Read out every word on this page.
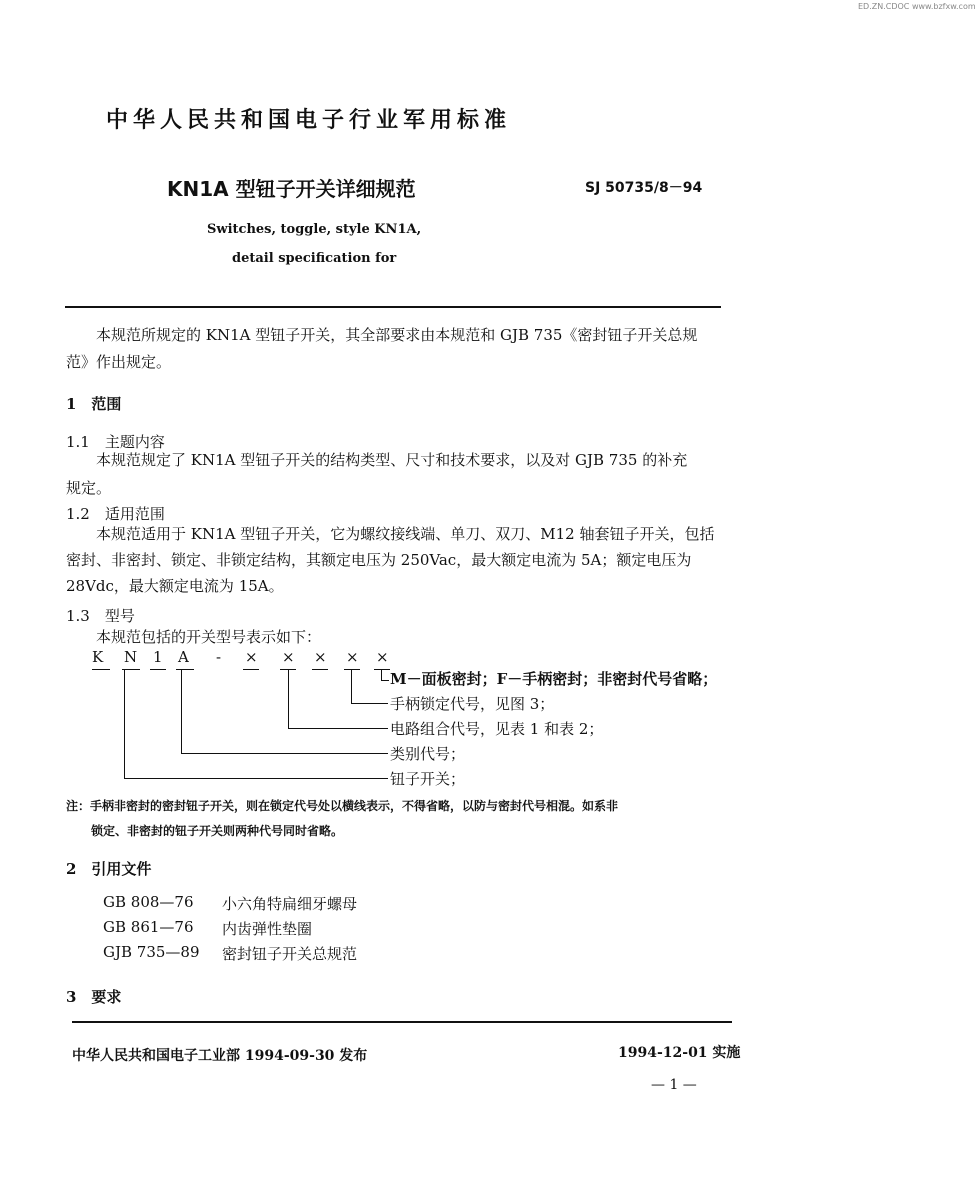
ED.ZN.CDOC www.bzfxw.com
中华人民共和国电子行业军用标准
KN1A 型钮子开关详细规范	SJ 50735/8－94
Switches, toggle, style KN1A,
detail specification for
本规范所规定的 KN1A 型钮子开关，其全部要求由本规范和 GJB 735《密封钮子开关总规
范》作出规定。
1　范围
1.1　主题内容
本规范规定了 KN1A 型钮子开关的结构类型、尺寸和技术要求，以及对 GJB 735 的补充
规定。
1.2　适用范围
本规范适用于 KN1A 型钮子开关，它为螺纹接线端、单刀、双刀、M12 轴套钮子开关，包括
密封、非密封、锁定、非锁定结构，其额定电压为 250Vac，最大额定电流为 5A；额定电压为
28Vdc，最大额定电流为 15A。
1.3　型号
本规范包括的开关型号表示如下：
K N 1 A - × × × × ×
M－面板密封；F－手柄密封；非密封代号省略；
手柄锁定代号，见图 3；
电路组合代号，见表 1 和表 2；
类别代号；
钮子开关；
注：手柄非密封的密封钮子开关，则在锁定代号处以横线表示，不得省略，以防与密封代号相混。如系非
锁定、非密封的钮子开关则两种代号同时省略。
2　引用文件
GB 808—76 小六角特扁细牙螺母
GB 861—76 内齿弹性垫圈
GJB 735—89 密封钮子开关总规范
3　要求
中华人民共和国电子工业部 1994-09-30 发布	1994-12-01 实施
— 1 —
